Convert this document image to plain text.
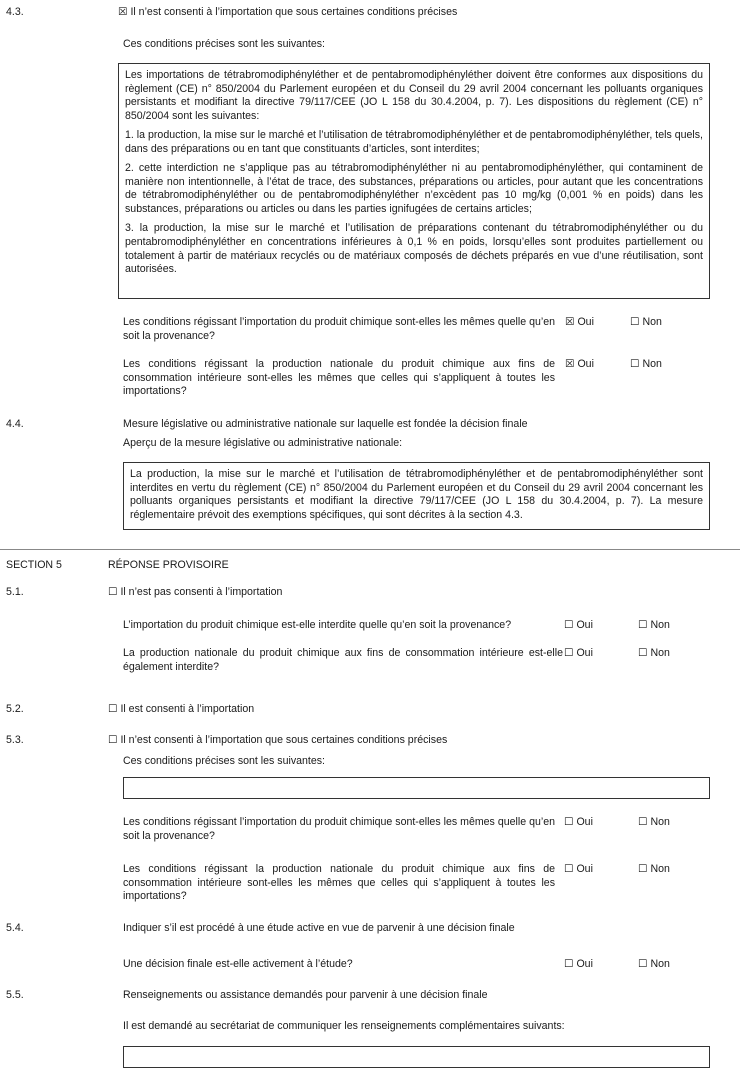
4.3.	☒ Il n’est consenti à l’importation que sous certaines conditions précises
Ces conditions précises sont les suivantes:

Les importations de tétrabromodiphényléther et de pentabromodiphényléther doivent être conformes aux dispositions du règlement (CE) n° 850/2004 du Parlement européen et du Conseil du 29 avril 2004 concernant les polluants organiques persistants et modifiant la directive 79/117/CEE (JO L 158 du 30.4.2004, p. 7). Les dispositions du règlement (CE) n° 850/2004 sont les suivantes:

1. la production, la mise sur le marché et l’utilisation de tétrabromodiphényléther et de pentabromodiphényléther, tels quels, dans des préparations ou en tant que constituants d’articles, sont interdites;

2. cette interdiction ne s’applique pas au tétrabromodiphényléther ni au pentabromodiphényléther, qui contaminent de manière non intentionnelle, à l’état de trace, des substances, préparations ou articles, pour autant que les concentrations de tétrabromodiphényléther ou de pentabromodiphényléther n’excèdent pas 10 mg/kg (0,001 % en poids) dans les substances, préparations ou articles ou dans les parties ignifugées de certains articles;

3. la production, la mise sur le marché et l’utilisation de préparations contenant du tétrabromodiphényléther ou du pentabromodiphényléther en concentrations inférieures à 0,1 % en poids, lorsqu’elles sont produites partiellement ou totalement à partir de matériaux recyclés ou de matériaux composés de déchets préparés en vue d’une réutilisation, sont autorisées.

Les conditions régissant l’importation du produit chimique sont-elles les mêmes quelle qu’en soit la provenance?
☒ Oui	☐ Non
Les conditions régissant la production nationale du produit chimique aux fins de consommation intérieure sont-elles les mêmes que celles qui s’appliquent à toutes les importations?
☒ Oui	☐ Non
4.4.	Mesure législative ou administrative nationale sur laquelle est fondée la décision finale
Aperçu de la mesure législative ou administrative nationale:

La production, la mise sur le marché et l’utilisation de tétrabromodiphényléther et de pentabromodiphényléther sont interdites en vertu du règlement (CE) n° 850/2004 du Parlement européen et du Conseil du 29 avril 2004 concernant les polluants organiques persistants et modifiant la directive 79/117/CEE (JO L 158 du 30.4.2004, p. 7). La mesure réglementaire prévoit des exemptions spécifiques, qui sont décrites à la section 4.3.

SECTION 5	RÉPONSE PROVISOIRE
5.1.	☐ Il n’est pas consenti à l’importation
L’importation du produit chimique est-elle interdite quelle qu’en soit la provenance?	☐ Oui	☐ Non
La production nationale du produit chimique aux fins de consommation intérieure est-elle également interdite?
☐ Oui	☐ Non
5.2.	☐ Il est consenti à l’importation
5.3.	☐ Il n’est consenti à l’importation que sous certaines conditions précises
Ces conditions précises sont les suivantes:
Les conditions régissant l’importation du produit chimique sont-elles les mêmes quelle qu’en soit la provenance?
☐ Oui	☐ Non
Les conditions régissant la production nationale du produit chimique aux fins de consommation intérieure sont-elles les mêmes que celles qui s’appliquent à toutes les importations?
☐ Oui	☐ Non
5.4.	Indiquer s’il est procédé à une étude active en vue de parvenir à une décision finale
Une décision finale est-elle activement à l’étude?	☐ Oui	☐ Non
5.5.	Renseignements ou assistance demandés pour parvenir à une décision finale
Il est demandé au secrétariat de communiquer les renseignements complémentaires suivants:
